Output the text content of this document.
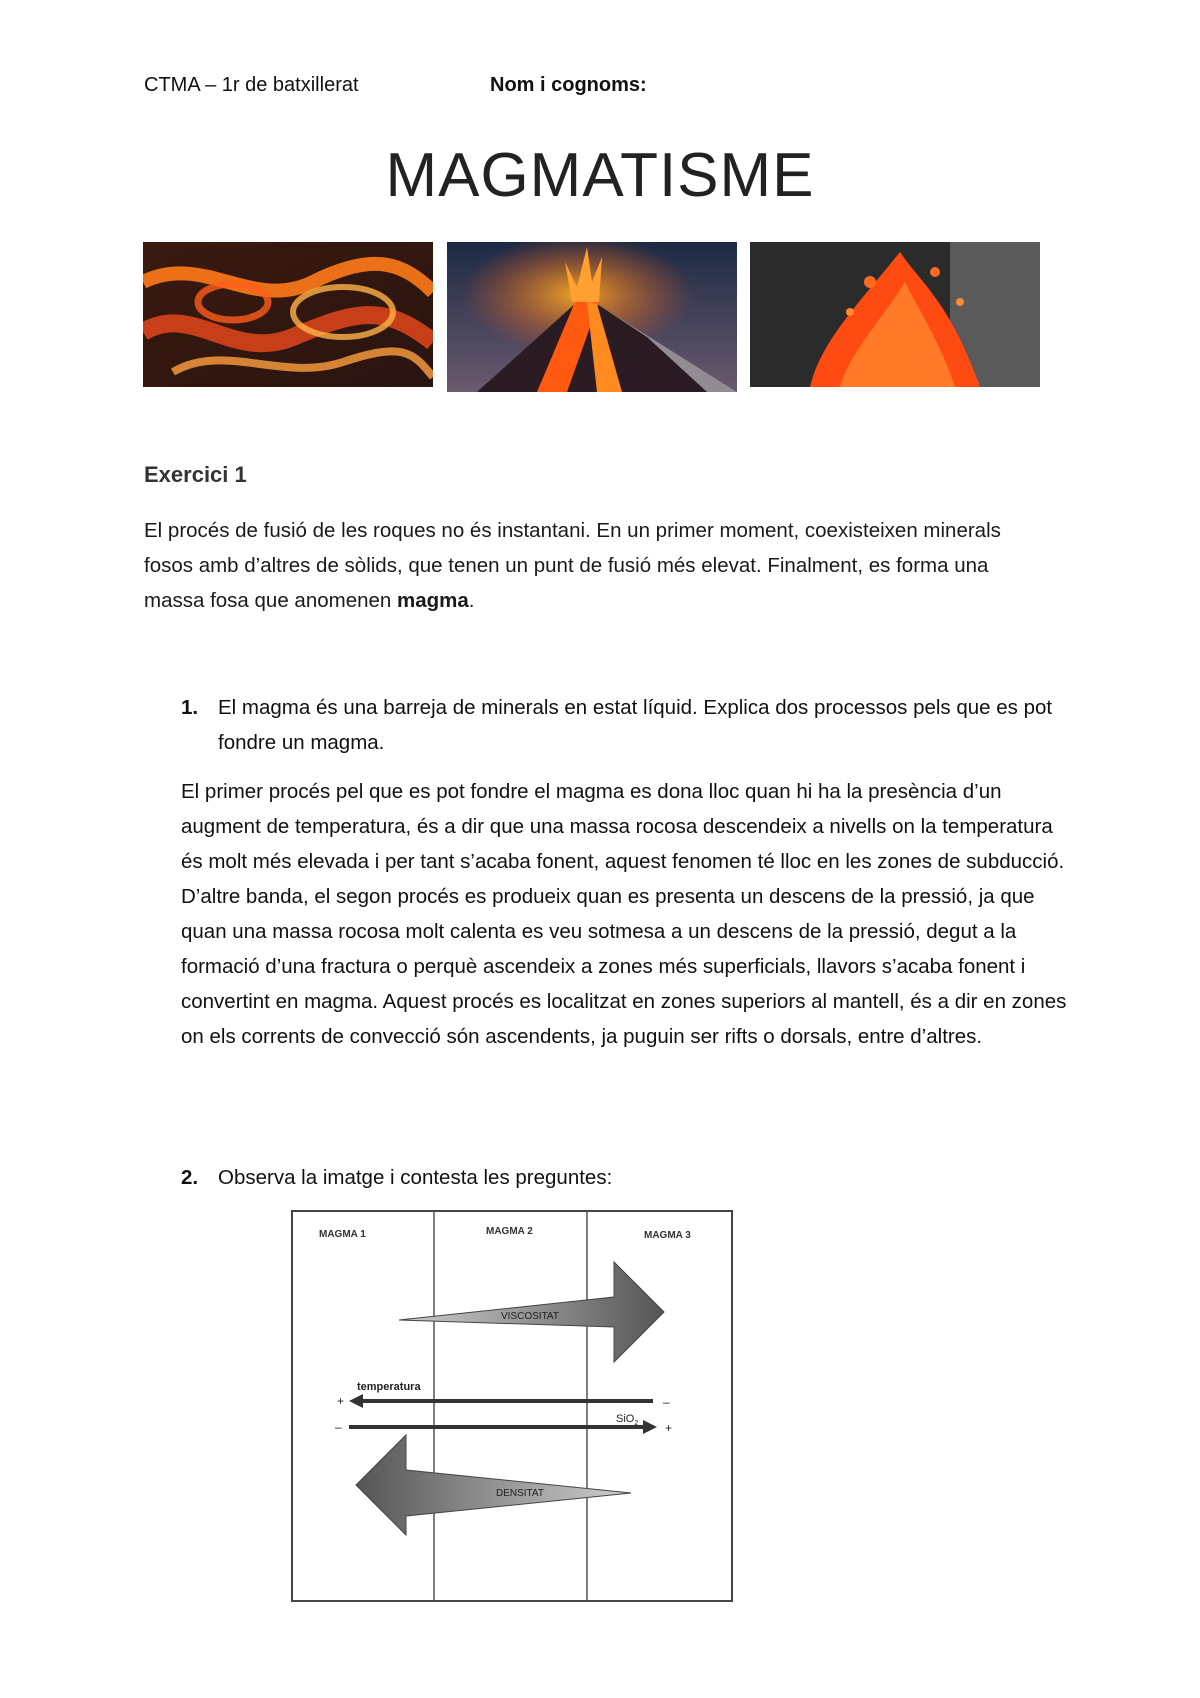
CTMA – 1r de batxillerat	Nom i cognoms:
MAGMATISME
Exercici 1
El procés de fusió de les roques no és instantani. En un primer moment, coexisteixen minerals fosos amb d’altres de sòlids, que tenen un punt de fusió més elevat. Finalment, es forma una massa fosa que anomenen magma.
1. El magma és una barreja de minerals en estat líquid. Explica dos processos pels que es pot fondre un magma.

El primer procés pel que es pot fondre el magma es dona lloc quan hi ha la presència d’un augment de temperatura, és a dir que una massa rocosa descendeix a nivells on la temperatura és molt més elevada i per tant s’acaba fonent, aquest fenomen té lloc en les zones de subducció. D’altre banda, el segon procés es produeix quan es presenta un descens de la pressió, ja que quan una massa rocosa molt calenta es veu sotmesa a un descens de la pressió, degut a la formació d’una fractura o perquè ascendeix a zones més superficials, llavors s’acaba fonent i convertint en magma. Aquest procés es localitzat en zones superiors al mantell, és a dir en zones on els corrents de convecció són ascendents, ja puguin ser rifts o dorsals, entre d’altres.

2. Observa la imatge i contesta les preguntes:
MAGMA 1	MAGMA 2	MAGMA 3
VISCOSITAT
temperatura
+	–
SiO$_2$
–	+
DENSITAT
